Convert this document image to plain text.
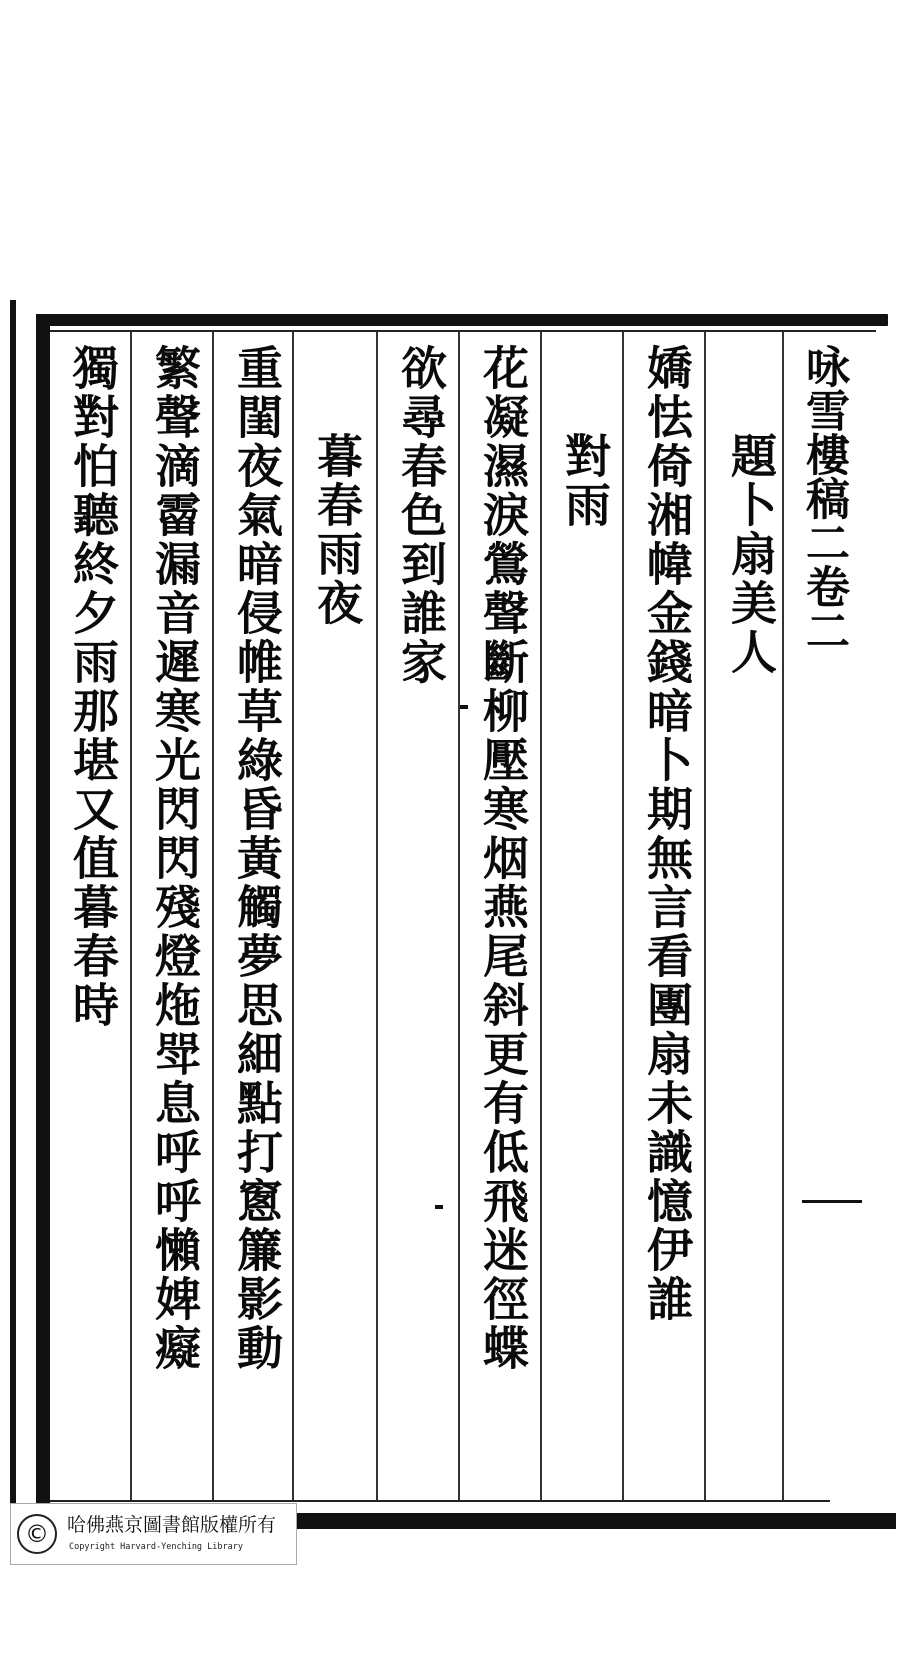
咏雪樓稿二卷二
題卜扇美人
嬌怯倚湘幃金錢暗卜期無言看團扇未識憶伊誰
對雨
花凝濕淚鶯聲斷柳壓寒烟燕尾斜更有低飛迷徑蝶
欲尋春色到誰家
暮春雨夜
重閨夜氣暗侵帷草綠昏黃觸夢思細點打窻簾影動
繁聲滴霤漏音遲寒光閃閃殘燈炧斝息呼呼懶婢癡
獨對怕聽終夕雨那堪又值暮春時
© 哈佛燕京圖書館版權所有
Copyright Harvard-Yenching Library
